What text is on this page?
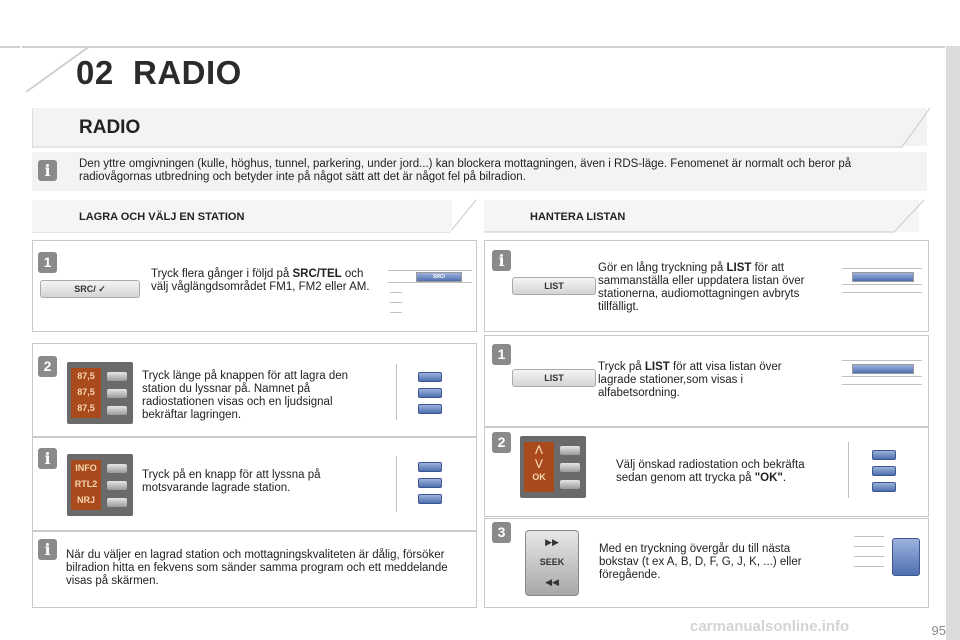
02 RADIO
RADIO
i	Den yttre omgivningen (kulle, höghus, tunnel, parkering, under jord...) kan blockera mottagningen, även i RDS-läge. Fenomenet är normalt och beror på radiovågornas utbredning och betyder inte på något sätt att det är något fel på bilradion.
LAGRA OCH VÄLJ EN STATION	HANTERA LISTAN
1
SRC/ ✓
Tryck flera gånger i följd på SRC/TEL och välj våglängdsområdet FM1, FM2 eller AM.
SRC/
2
87,5
87,5
87,5
Tryck länge på knappen för att lagra den station du lyssnar på. Namnet på radiostationen visas och en ljudsignal bekräftar lagringen.
i	INFO
RTL2
NRJ
Tryck på en knapp för att lyssna på motsvarande lagrade station.
i	När du väljer en lagrad station och mottagningskvaliteten är dålig, försöker bilradion hitta en fekvens som sänder samma program och ett meddelande visas på skärmen.
i
LIST
Gör en lång tryckning på LIST för att sammanställa eller uppdatera listan över stationerna, audiomottagningen avbryts tillfälligt.
1
LIST
Tryck på LIST för att visa listan över lagrade stationer,som visas i alfabetsordning.
2	⋀
⋁
OK
Välj önskad radiostation och bekräfta sedan genom att trycka på "OK".
3
▶▶
SEEK
◀◀
Med en tryckning övergår du till nästa bokstav (t ex A, B, D, F, G, J, K, ...) eller föregående.
95
carmanualsonline.info
